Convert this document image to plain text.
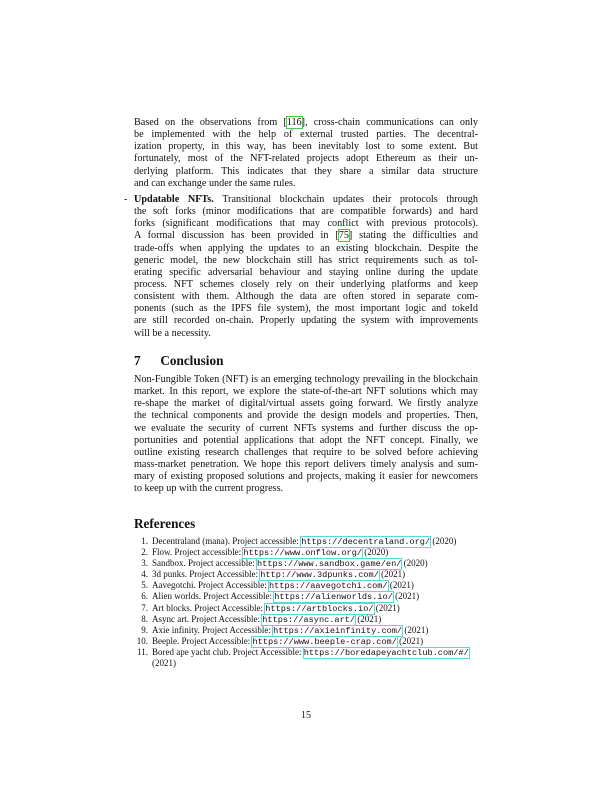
Based on the observations from [116], cross-chain communications can only
be implemented with the help of external trusted parties. The decentral-
ization property, in this way, has been inevitably lost to some extent. But
fortunately, most of the NFT-related projects adopt Ethereum as their un-
derlying platform. This indicates that they share a similar data structure
and can exchange under the same rules.
- Updatable NFTs. Transitional blockchain updates their protocols through
the soft forks (minor modifications that are compatible forwards) and hard
forks (significant modifications that may conflict with previous protocols).
A formal discussion has been provided in [75] stating the difficulties and
trade-offs when applying the updates to an existing blockchain. Despite the
generic model, the new blockchain still has strict requirements such as tol-
erating specific adversarial behaviour and staying online during the update
process. NFT schemes closely rely on their underlying platforms and keep
consistent with them. Although the data are often stored in separate com-
ponents (such as the IPFS file system), the most important logic and tokeId
are still recorded on-chain. Properly updating the system with improvements
will be a necessity.
7  Conclusion
Non-Fungible Token (NFT) is an emerging technology prevailing in the blockchain
market. In this report, we explore the state-of-the-art NFT solutions which may
re-shape the market of digital/virtual assets going forward. We firstly analyze
the technical components and provide the design models and properties. Then,
we evaluate the security of current NFTs systems and further discuss the op-
portunities and potential applications that adopt the NFT concept. Finally, we
outline existing research challenges that require to be solved before achieving
mass-market penetration. We hope this report delivers timely analysis and sum-
mary of existing proposed solutions and projects, making it easier for newcomers
to keep up with the current progress.
References
1. Decentraland (mana). Project accessible: https://decentraland.org/ (2020)
2. Flow. Project accessible: https://www.onflow.org/ (2020)
3. Sandbox. Project accessible: https://www.sandbox.game/en/ (2020)
4. 3d punks. Project Accessible: http://www.3dpunks.com/ (2021)
5. Aavegotchi. Project Accessible: https://aavegotchi.com/ (2021)
6. Alien worlds. Project Accessible: https://alienworlds.io/ (2021)
7. Art blocks. Project Accessible: https://artblocks.io/ (2021)
8. Async art. Project Accessible: https://async.art/ (2021)
9. Axie infinity. Project Accessible: https://axieinfinity.com/ (2021)
10. Beeple. Project Accessible: https://www.beeple-crap.com/ (2021)
11. Bored ape yacht club. Project Accessible: https://boredapeyachtclub.com/#/
(2021)
15
